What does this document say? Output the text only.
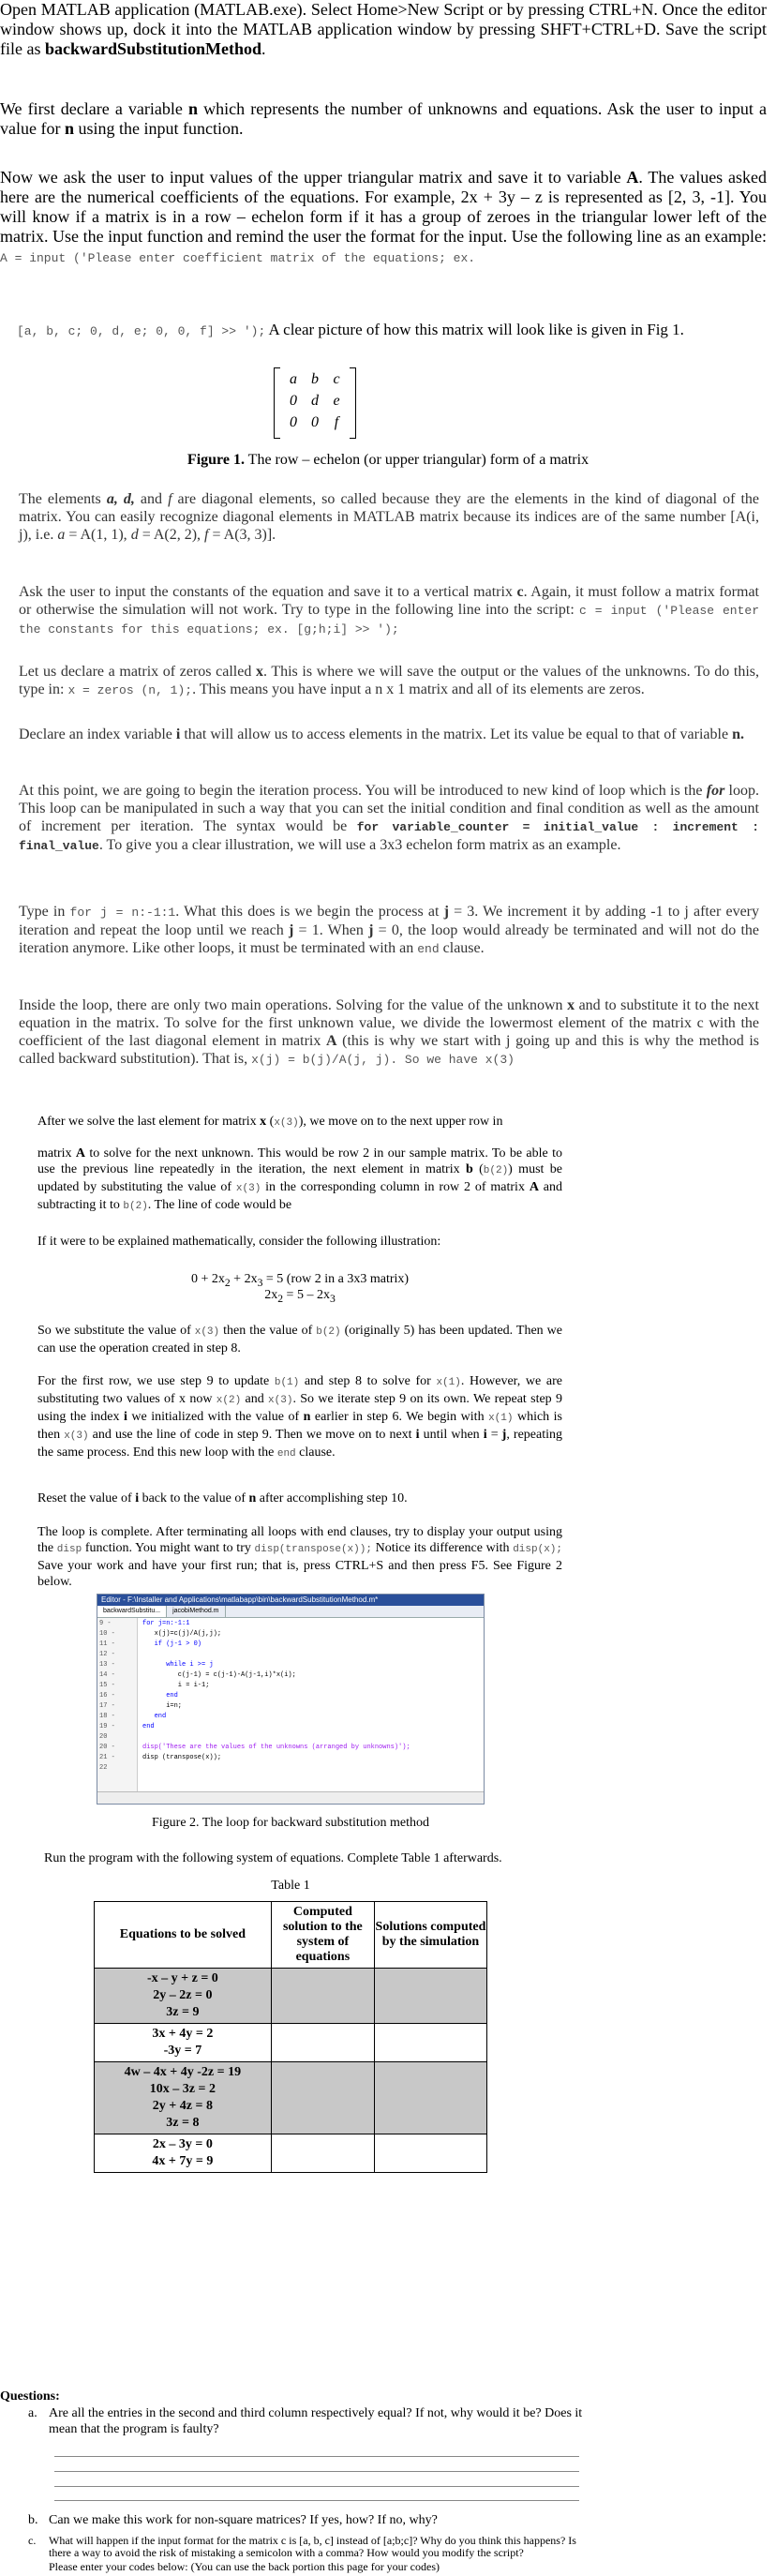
Open MATLAB application (MATLAB.exe). Select Home>New Script or by pressing CTRL+N. Once the editor window shows up, dock it into the MATLAB application window by pressing SHFT+CTRL+D. Save the script file as backwardSubstitutionMethod.

We first declare a variable n which represents the number of unknowns and equations. Ask the user to input a value for n using the input function.

Now we ask the user to input values of the upper triangular matrix and save it to variable A. The values asked here are the numerical coefficients of the equations. For example, 2x + 3y – z is represented as [2, 3, -1]. You will know if a matrix is in a row – echelon form if it has a group of zeroes in the triangular lower left of the matrix. Use the input function and remind the user the format for the input. Use the following line as an example: A = input ('Please enter coefficient matrix of the equations; ex.

[a, b, c; 0, d, e; 0, 0, f] >> '); A clear picture of how this matrix will look like is given in Fig 1.

a b c
0 d e
0 0	f

Figure 1. The row – echelon (or upper triangular) form of a matrix

The elements a, d, and f are diagonal elements, so called because they are the elements in the kind of diagonal of the matrix. You can easily recognize diagonal elements in MATLAB matrix because its indices are of the same number [A(i, j), i.e. a = A(1, 1), d = A(2, 2), f = A(3, 3)].

Ask the user to input the constants of the equation and save it to a vertical matrix c. Again, it must follow a matrix format or otherwise the simulation will not work. Try to type in the following line into the script: c = input ('Please enter the constants for this equations; ex. [g;h;i] >> ');

Let us declare a matrix of zeros called x. This is where we will save the output or the values of the unknowns. To do this, type in: x = zeros (n, 1);. This means you have input a n x 1 matrix and all of its elements are zeros.

Declare an index variable i that will allow us to access elements in the matrix. Let its value be equal to that of variable n.

At this point, we are going to begin the iteration process. You will be introduced to new kind of loop which is the for loop. This loop can be manipulated in such a way that you can set the initial condition and final condition as well as the amount of increment per iteration. The syntax would be for variable_counter = initial_value : increment : final_value. To give you a clear illustration, we will use a 3x3 echelon form matrix as an example.

Type in for j = n:-1:1. What this does is we begin the process at j = 3. We increment it by adding -1 to j after every iteration and repeat the loop until we reach j = 1. When j = 0, the loop would already be terminated and will not do the iteration anymore. Like other loops, it must be terminated with an end clause.

Inside the loop, there are only two main operations. Solving for the value of the unknown x and to substitute it to the next equation in the matrix. To solve for the first unknown value, we divide the lowermost element of the matrix c with the coefficient of the last diagonal element in matrix A (this is why we start with j going up and this is why the method is called backward substitution). That is, x(j) = b(j)/A(j, j). So we have x(3)

After we solve the last element for matrix x (x(3)), we move on to the next upper row in

matrix A to solve for the next unknown. This would be row 2 in our sample matrix. To be able to use the previous line repeatedly in the iteration, the next element in matrix b (b(2)) must be updated by substituting the value of x(3) in the corresponding column in row 2 of matrix A and subtracting it to b(2). The line of code would be

If it were to be explained mathematically, consider the following illustration:

$0 + 2x_2 + 2x_3 = 5$ (row 2 in a 3x3 matrix)

$2x_2 = 5 - 2x_3$

So we substitute the value of x(3) then the value of b(2) (originally 5) has been updated. Then we can use the operation created in step 8.

For the first row, we use step 9 to update b(1) and step 8 to solve for x(1). However, we are substituting two values of x now x(2) and x(3). So we iterate step 9 on its own. We repeat step 9 using the index i we initialized with the value of n earlier in step 6. We begin with x(1) which is then x(3) and use the line of code in step 9. Then we move on to next i until when i = j, repeating the same process. End this new loop with the end clause.

Reset the value of i back to the value of n after accomplishing step 10.

The loop is complete. After terminating all loops with end clauses, try to display your output using the disp function. You might want to try disp(transpose(x)); Notice its difference with disp(x); Save your work and have your first run; that is, press CTRL+S and then press F5. See Figure 2 below.

Editor - F:\Installer and Applications\matlabapp\bin\backwardSubstitutionMethod.m*
backwardSubstitu... jacobiMethod.m
9 -	for j=n:-1:1
10 -	x(j)=c(j)/A(j,j);
11 -	if (j-1 > 0)
12 -
13 -	while i >= j
14 -	c(j-1) = c(j-1)-A(j-1,i)*x(i);
15 -	i = i-1;
16 -	end
17 -	i=n;
18 -	end
19 -	end
20
20 -	disp('These are the values of the unknowns (arranged by unknowns)');
21 -	disp (transpose(x));
22

Figure 2. The loop for backward substitution method

Run the program with the following system of equations. Complete Table 1 afterwards.

Table 1

Equations to be solved	Computed solution to the system of equations	Solutions computed by the simulation

-x – y + z = 0
2y – 2z = 0
3z = 9		

3x + 4y = 2
-3y = 7		

4w – 4x + 4y -2z = 19
10x – 3z = 2
2y + 4z = 8
3z = 8		

2x – 3y = 0
4x + 7y = 9		

Questions:

a. Are all the entries in the second and third column respectively equal? If not, why would it be? Does it mean that the program is faulty?

b. Can we make this work for non-square matrices? If yes, how? If no, why?

c.	What will happen if the input format for the matrix c is [a, b, c] instead of [a;b;c]? Why do you think this happens? Is there a way to avoid the risk of mistaking a semicolon with a comma? How would you modify the script?

Please enter your codes below: (You can use the back portion this page for your codes)
